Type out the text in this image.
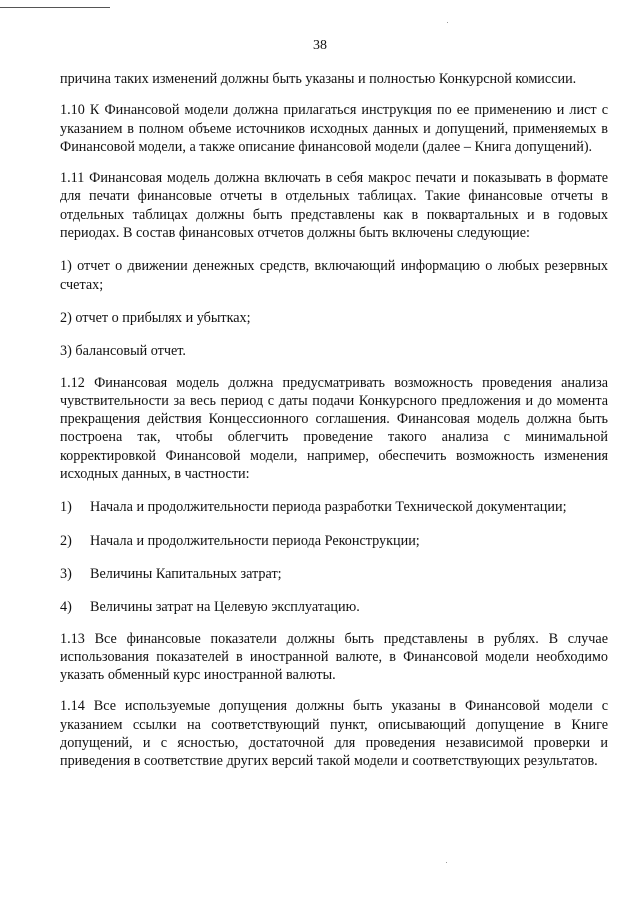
38

причина таких изменений должны быть указаны и полностью Конкурсной комиссии.

1.10 К Финансовой модели должна прилагаться инструкция по ее применению и лист с указанием в полном объеме источников исходных данных и допущений, применяемых в Финансовой модели, а также описание финансовой модели (далее – Книга допущений).

1.11 Финансовая модель должна включать в себя макрос печати и показывать в формате для печати финансовые отчеты в отдельных таблицах. Такие финансовые отчеты в отдельных таблицах должны быть представлены как в поквартальных и в годовых периодах. В состав финансовых отчетов должны быть включены следующие:

1) отчет о движении денежных средств, включающий информацию о любых резервных счетах;

2) отчет о прибылях и убытках;

3) балансовый отчет.

1.12 Финансовая модель должна предусматривать возможность проведения анализа чувствительности за весь период с даты подачи Конкурсного предложения и до момента прекращения действия Концессионного соглашения. Финансовая модель должна быть построена так, чтобы облегчить проведение такого анализа с минимальной корректировкой Финансовой модели, например, обеспечить возможность изменения исходных данных, в частности:

1)	Начала и продолжительности периода разработки Технической документации;
2)	Начала и продолжительности периода Реконструкции;
3)	Величины Капитальных затрат;
4)	Величины затрат на Целевую эксплуатацию.

1.13 Все финансовые показатели должны быть представлены в рублях. В случае использования показателей в иностранной валюте, в Финансовой модели необходимо указать обменный курс иностранной валюты.

1.14 Все используемые допущения должны быть указаны в Финансовой модели с указанием ссылки на соответствующий пункт, описывающий допущение в Книге допущений, и с ясностью, достаточной для проведения независимой проверки и приведения в соответствие других версий такой модели и соответствующих результатов.
